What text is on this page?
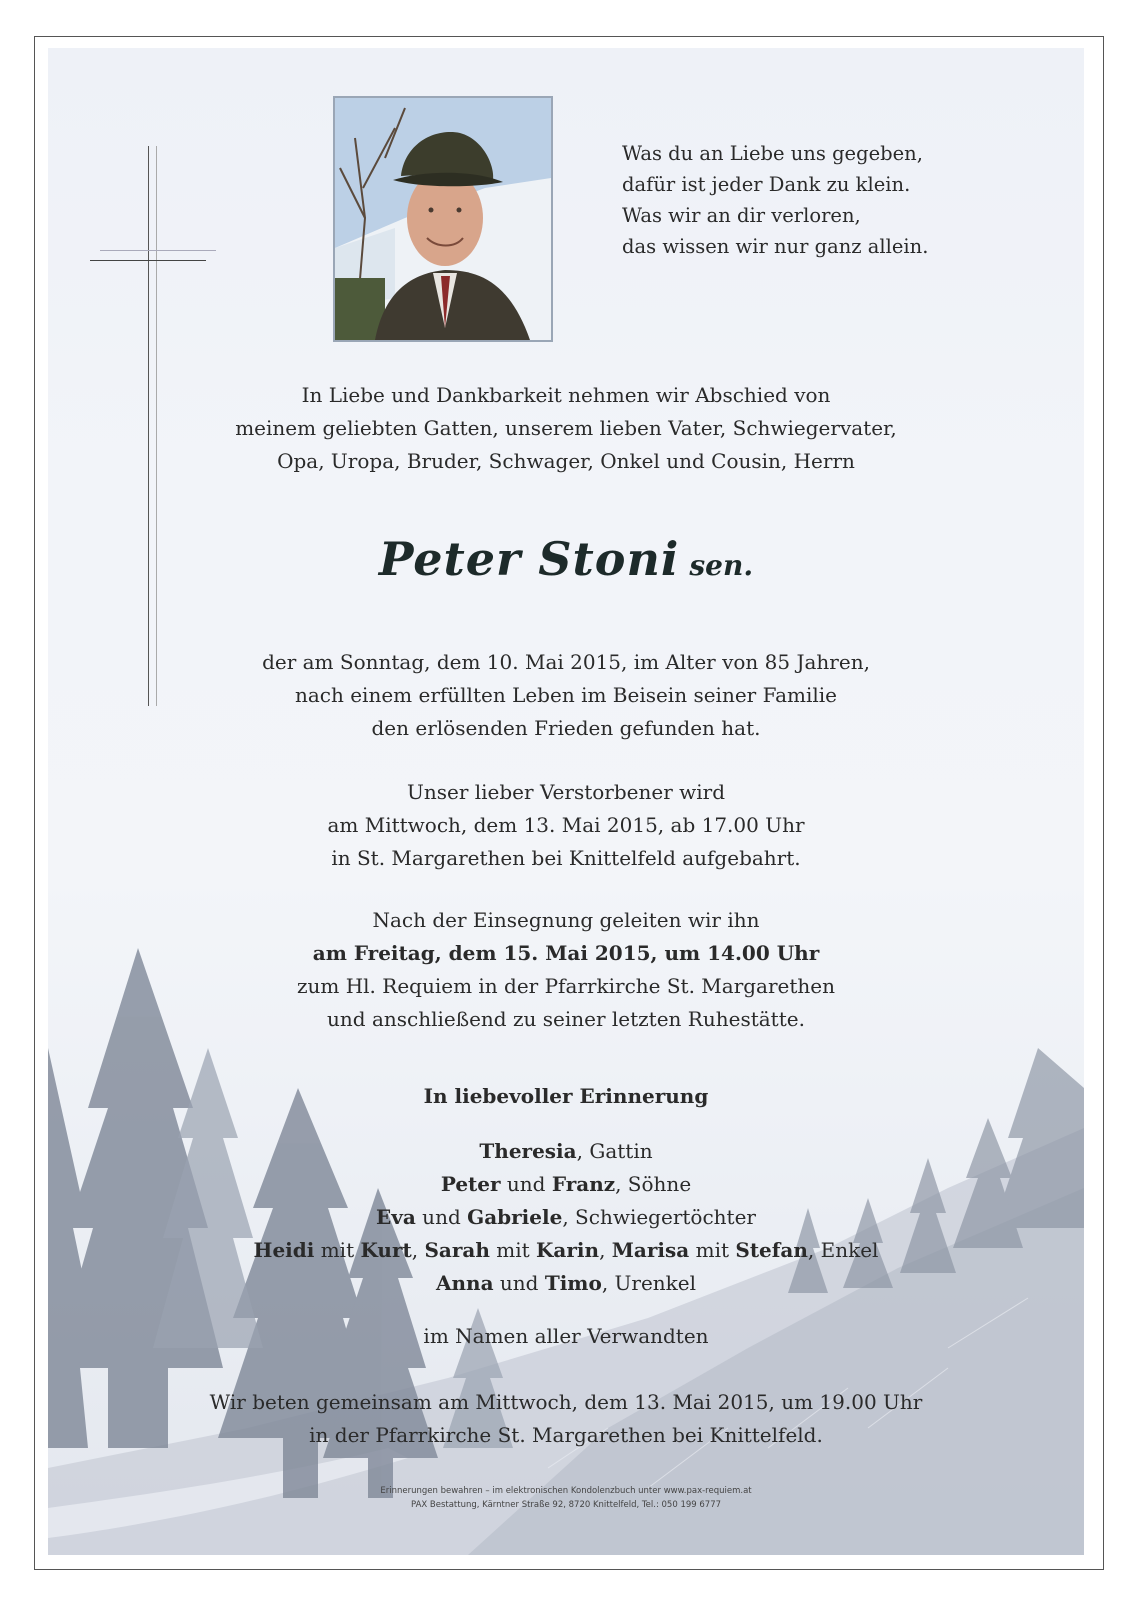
Was du an Liebe uns gegeben,
dafür ist jeder Dank zu klein.
Was wir an dir verloren,
das wissen wir nur ganz allein.
In Liebe und Dankbarkeit nehmen wir Abschied von
meinem geliebten Gatten, unserem lieben Vater, Schwiegervater,
Opa, Uropa, Bruder, Schwager, Onkel und Cousin, Herrn
Peter Stoni sen.
der am Sonntag, dem 10. Mai 2015, im Alter von 85 Jahren,
nach einem erfüllten Leben im Beisein seiner Familie
den erlösenden Frieden gefunden hat.
Unser lieber Verstorbener wird
am Mittwoch, dem 13. Mai 2015, ab 17.00 Uhr
in St. Margarethen bei Knittelfeld aufgebahrt.
Nach der Einsegnung geleiten wir ihn
am Freitag, dem 15. Mai 2015, um 14.00 Uhr
zum Hl. Requiem in der Pfarrkirche St. Margarethen
und anschließend zu seiner letzten Ruhestätte.
In liebevoller Erinnerung
Theresia, Gattin
Peter und Franz, Söhne
Eva und Gabriele, Schwiegertöchter
Heidi mit Kurt, Sarah mit Karin, Marisa mit Stefan, Enkel
Anna und Timo, Urenkel
im Namen aller Verwandten
Wir beten gemeinsam am Mittwoch, dem 13. Mai 2015, um 19.00 Uhr
in der Pfarrkirche St. Margarethen bei Knittelfeld.
Erinnerungen bewahren – im elektronischen Kondolenzbuch unter www.pax-requiem.at
PAX Bestattung, Kärntner Straße 92, 8720 Knittelfeld, Tel.: 050 199 6777
